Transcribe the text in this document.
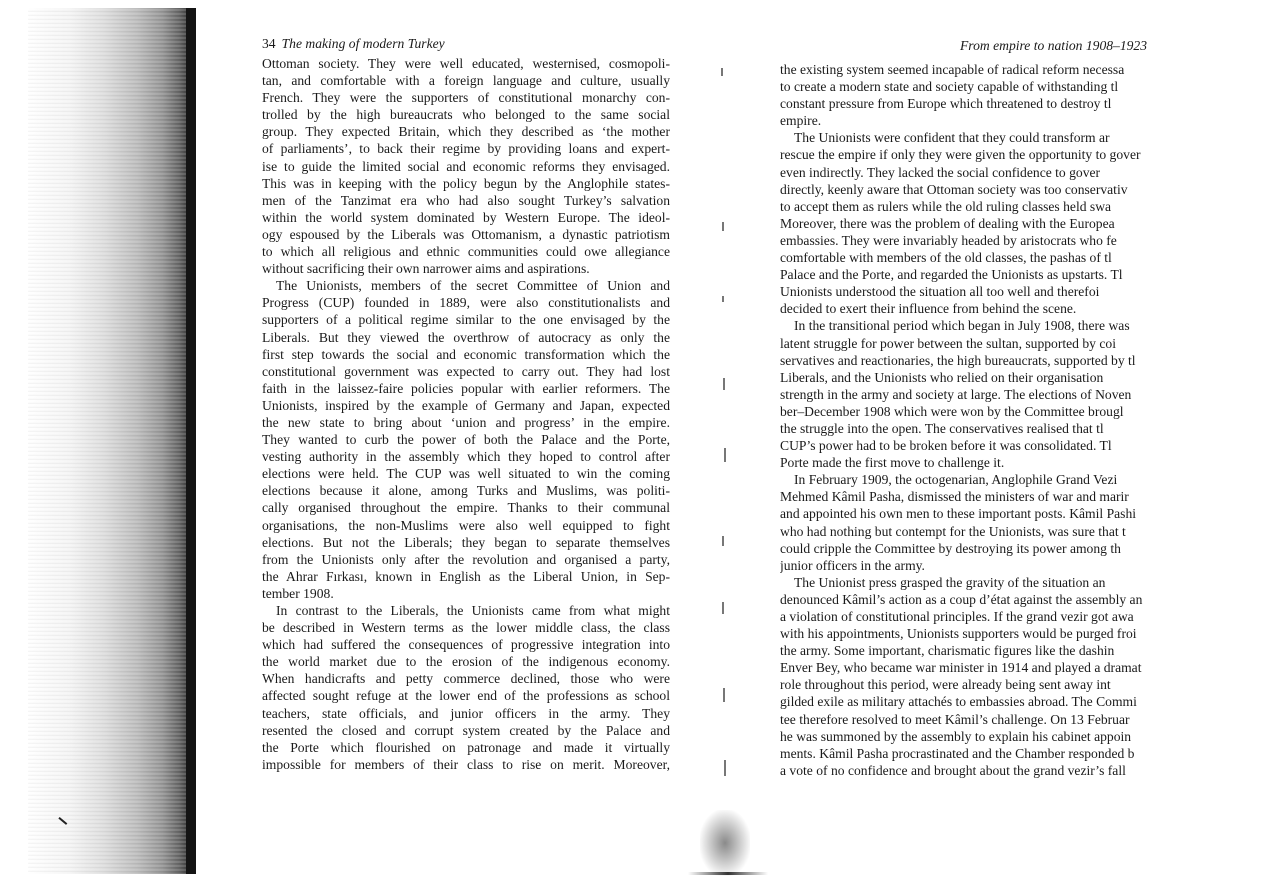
34 The making of modern Turkey
Ottoman society. They were well educated, westernised, cosmopoli-
tan, and comfortable with a foreign language and culture, usually
French. They were the supporters of constitutional monarchy con-
trolled by the high bureaucrats who belonged to the same social
group. They expected Britain, which they described as ‘the mother
of parliaments’, to back their regime by providing loans and expert-
ise to guide the limited social and economic reforms they envisaged.
This was in keeping with the policy begun by the Anglophile states-
men of the Tanzimat era who had also sought Turkey’s salvation
within the world system dominated by Western Europe. The ideol-
ogy espoused by the Liberals was Ottomanism, a dynastic patriotism
to which all religious and ethnic communities could owe allegiance
without sacrificing their own narrower aims and aspirations.
The Unionists, members of the secret Committee of Union and
Progress (CUP) founded in 1889, were also constitutionalists and
supporters of a political regime similar to the one envisaged by the
Liberals. But they viewed the overthrow of autocracy as only the
first step towards the social and economic transformation which the
constitutional government was expected to carry out. They had lost
faith in the laissez-faire policies popular with earlier reformers. The
Unionists, inspired by the example of Germany and Japan, expected
the new state to bring about ‘union and progress’ in the empire.
They wanted to curb the power of both the Palace and the Porte,
vesting authority in the assembly which they hoped to control after
elections were held. The CUP was well situated to win the coming
elections because it alone, among Turks and Muslims, was politi-
cally organised throughout the empire. Thanks to their communal
organisations, the non-Muslims were also well equipped to fight
elections. But not the Liberals; they began to separate themselves
from the Unionists only after the revolution and organised a party,
the Ahrar Fırkası, known in English as the Liberal Union, in Sep-
tember 1908.
In contrast to the Liberals, the Unionists came from what might
be described in Western terms as the lower middle class, the class
which had suffered the consequences of progressive integration into
the world market due to the erosion of the indigenous economy.
When handicrafts and petty commerce declined, those who were
affected sought refuge at the lower end of the professions as school
teachers, state officials, and junior officers in the army. They
resented the closed and corrupt system created by the Palace and
the Porte which flourished on patronage and made it virtually
impossible for members of their class to rise on merit. Moreover,
From empire to nation 1908–1923
the existing system seemed incapable of radical reform necessa
to create a modern state and society capable of withstanding tl
constant pressure from Europe which threatened to destroy tl
empire.
The Unionists were confident that they could transform ar
rescue the empire if only they were given the opportunity to gover
even indirectly. They lacked the social confidence to gover
directly, keenly aware that Ottoman society was too conservativ
to accept them as rulers while the old ruling classes held swa
Moreover, there was the problem of dealing with the Europea
embassies. They were invariably headed by aristocrats who fe
comfortable with members of the old classes, the pashas of tl
Palace and the Porte, and regarded the Unionists as upstarts. Tl
Unionists understood the situation all too well and therefoi
decided to exert their influence from behind the scene.
In the transitional period which began in July 1908, there was
latent struggle for power between the sultan, supported by coi
servatives and reactionaries, the high bureaucrats, supported by tl
Liberals, and the Unionists who relied on their organisation
strength in the army and society at large. The elections of Noven
ber–December 1908 which were won by the Committee brougl
the struggle into the open. The conservatives realised that tl
CUP’s power had to be broken before it was consolidated. Tl
Porte made the first move to challenge it.
In February 1909, the octogenarian, Anglophile Grand Vezi
Mehmed Kâmil Pasha, dismissed the ministers of war and marir
and appointed his own men to these important posts. Kâmil Pashi
who had nothing but contempt for the Unionists, was sure that t
could cripple the Committee by destroying its power among th
junior officers in the army.
The Unionist press grasped the gravity of the situation an
denounced Kâmil’s action as a coup d’état against the assembly an
a violation of constitutional principles. If the grand vezir got awa
with his appointments, Unionists supporters would be purged froi
the army. Some important, charismatic figures like the dashin
Enver Bey, who became war minister in 1914 and played a dramat
role throughout this period, were already being sent away int
gilded exile as military attachés to embassies abroad. The Commi
tee therefore resolved to meet Kâmil’s challenge. On 13 Februar
he was summoned by the assembly to explain his cabinet appoin
ments. Kâmil Pasha procrastinated and the Chamber responded b
a vote of no confidence and brought about the grand vezir’s fall
